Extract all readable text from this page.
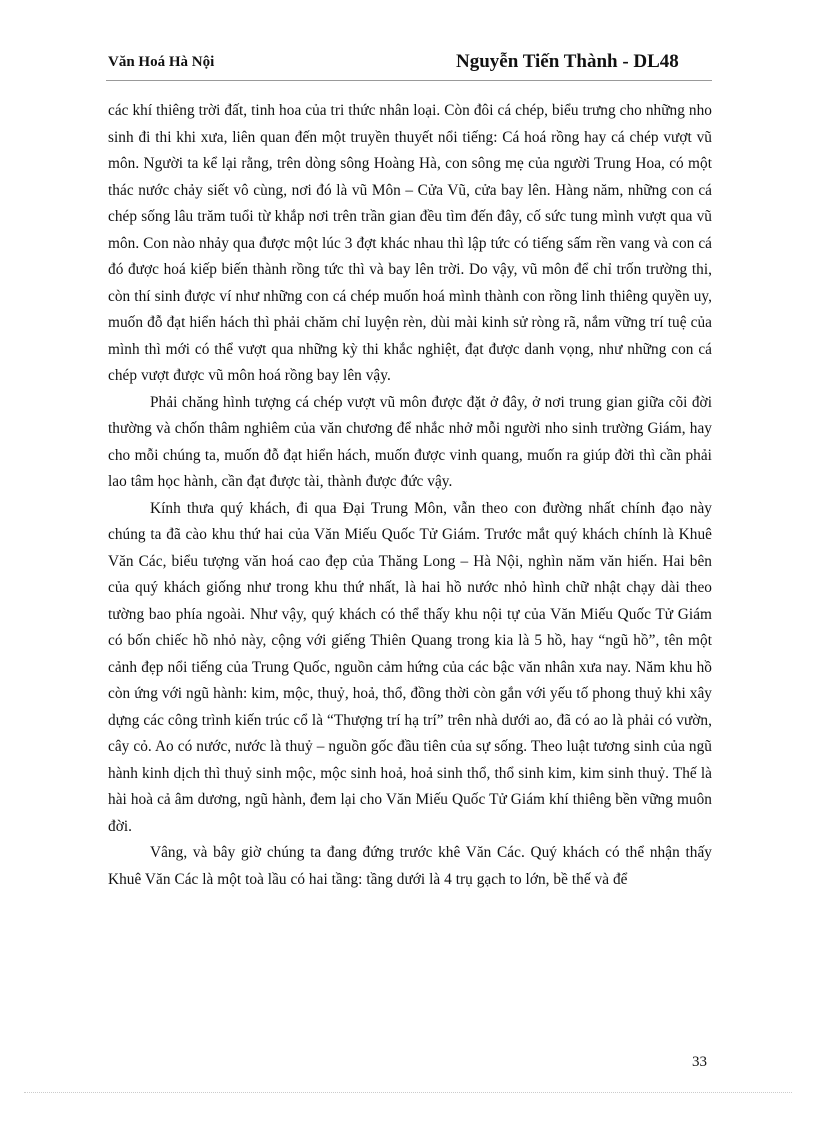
Văn Hoá Hà Nội	Nguyễn Tiến Thành - DL48

các khí thiêng trời đất, tinh hoa của tri thức nhân loại. Còn đôi cá chép, biểu trưng cho những nho sinh đi thi khi xưa, liên quan đến một truyền thuyết nổi tiếng: Cá hoá rồng hay cá chép vượt vũ môn. Người ta kể lại rằng, trên dòng sông Hoàng Hà, con sông mẹ của người Trung Hoa, có một thác nước chảy siết vô cùng, nơi đó là vũ Môn – Cửa Vũ, cửa bay lên. Hàng năm, những con cá chép sống lâu trăm tuổi từ khắp nơi trên trần gian đều tìm đến đây, cố sức tung mình vượt qua vũ môn. Con nào nhảy qua được một lúc 3 đợt khác nhau thì lập tức có tiếng sấm rền vang và con cá đó được hoá kiếp biến thành rồng tức thì và bay lên trời. Do vậy, vũ môn để chỉ trốn trường thi, còn thí sinh được ví như những con cá chép muốn hoá mình thành con rồng linh thiêng quyền uy, muốn đỗ đạt hiển hách thì phải chăm chỉ luyện rèn, dùi mài kinh sử ròng rã, nắm vững trí tuệ của mình thì mới có thể vượt qua những kỳ thi khắc nghiệt, đạt được danh vọng, như những con cá chép vượt được vũ môn hoá rồng bay lên vậy.

Phải chăng hình tượng cá chép vượt vũ môn được đặt ở đây, ở nơi trung gian giữa cõi đời thường và chốn thâm nghiêm của văn chương để nhắc nhở mỗi người nho sinh trường Giám, hay cho mỗi chúng ta, muốn đỗ đạt hiển hách, muốn được vinh quang, muốn ra giúp đời thì cần phải lao tâm học hành, cần đạt được tài, thành được đức vậy.

Kính thưa quý khách, đi qua Đại Trung Môn, vẫn theo con đường nhất chính đạo này chúng ta đã cào khu thứ hai của Văn Miếu Quốc Tử Giám. Trước mắt quý khách chính là Khuê Văn Các, biểu tượng văn hoá cao đẹp của Thăng Long – Hà Nội, nghìn năm văn hiến. Hai bên của quý khách giống như trong khu thứ nhất, là hai hồ nước nhỏ hình chữ nhật chạy dài theo tường bao phía ngoài. Như vậy, quý khách có thể thấy khu nội tự của Văn Miếu Quốc Tử Giám có bốn chiếc hồ nhỏ này, cộng với giếng Thiên Quang trong kia là 5 hồ, hay “ngũ hồ”, tên một cảnh đẹp nổi tiếng của Trung Quốc, nguồn cảm hứng của các bậc văn nhân xưa nay. Năm khu hồ còn ứng với ngũ hành: kim, mộc, thuỷ, hoả, thổ, đồng thời còn gắn với yếu tố phong thuỷ khi xây dựng các công trình kiến trúc cổ là “Thượng trí hạ trí” trên nhà dưới ao, đã có ao là phải có vườn, cây cỏ. Ao có nước, nước là thuỷ – nguồn gốc đầu tiên của sự sống. Theo luật tương sinh của ngũ hành kinh dịch thì thuỷ sinh mộc, mộc sinh hoả, hoả sinh thổ, thổ sinh kim, kim sinh thuỷ. Thế là hài hoà cả âm dương, ngũ hành, đem lại cho Văn Miếu Quốc Tử Giám khí thiêng bền vững muôn đời.

Vâng, và bây giờ chúng ta đang đứng trước khê Văn Các. Quý khách có thể nhận thấy Khuê Văn Các là một toà lầu có hai tầng: tầng dưới là 4 trụ gạch to lớn, bề thế và để

33
